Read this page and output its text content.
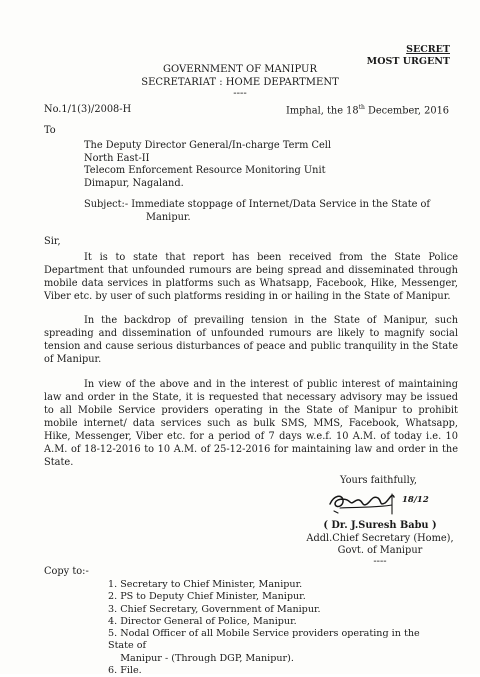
SECRET
MOST URGENT
GOVERNMENT OF MANIPUR
SECRETARIAT : HOME DEPARTMENT
----
No.1/1(3)/2008-H	Imphal, the 18th December, 2016
To
The Deputy Director General/In-charge Term Cell
North East-II
Telecom Enforcement Resource Monitoring Unit
Dimapur, Nagaland.
Subject:- Immediate stoppage of Internet/Data Service in the State of
Manipur.
Sir,
It is to state that report has been received from the State Police Department that unfounded rumours are being spread and disseminated through mobile data services in platforms such as Whatsapp, Facebook, Hike, Messenger, Viber etc. by user of such platforms residing in or hailing in the State of Manipur.
In the backdrop of prevailing tension in the State of Manipur, such spreading and dissemination of unfounded rumours are likely to magnify social tension and cause serious disturbances of peace and public tranquility in the State of Manipur.
In view of the above and in the interest of public interest of maintaining law and order in the State, it is requested that necessary advisory may be issued to all Mobile Service providers operating in the State of Manipur to prohibit mobile internet/ data services such as bulk SMS, MMS, Facebook, Whatsapp, Hike, Messenger, Viber etc. for a period of 7 days w.e.f. 10 A.M. of today i.e. 10 A.M. of 18-12-2016 to 10 A.M. of 25-12-2016 for maintaining law and order in the State.
Yours faithfully,
18/12
( Dr. J.Suresh Babu )
Addl.Chief Secretary (Home),
Govt. of Manipur
----
Copy to:-
1. Secretary to Chief Minister, Manipur.
2. PS to Deputy Chief Minister, Manipur.
3. Chief Secretary, Government of Manipur.
4. Director General of Police, Manipur.
5. Nodal Officer of all Mobile Service providers operating in the State of
Manipur - (Through DGP, Manipur).
6. File.
